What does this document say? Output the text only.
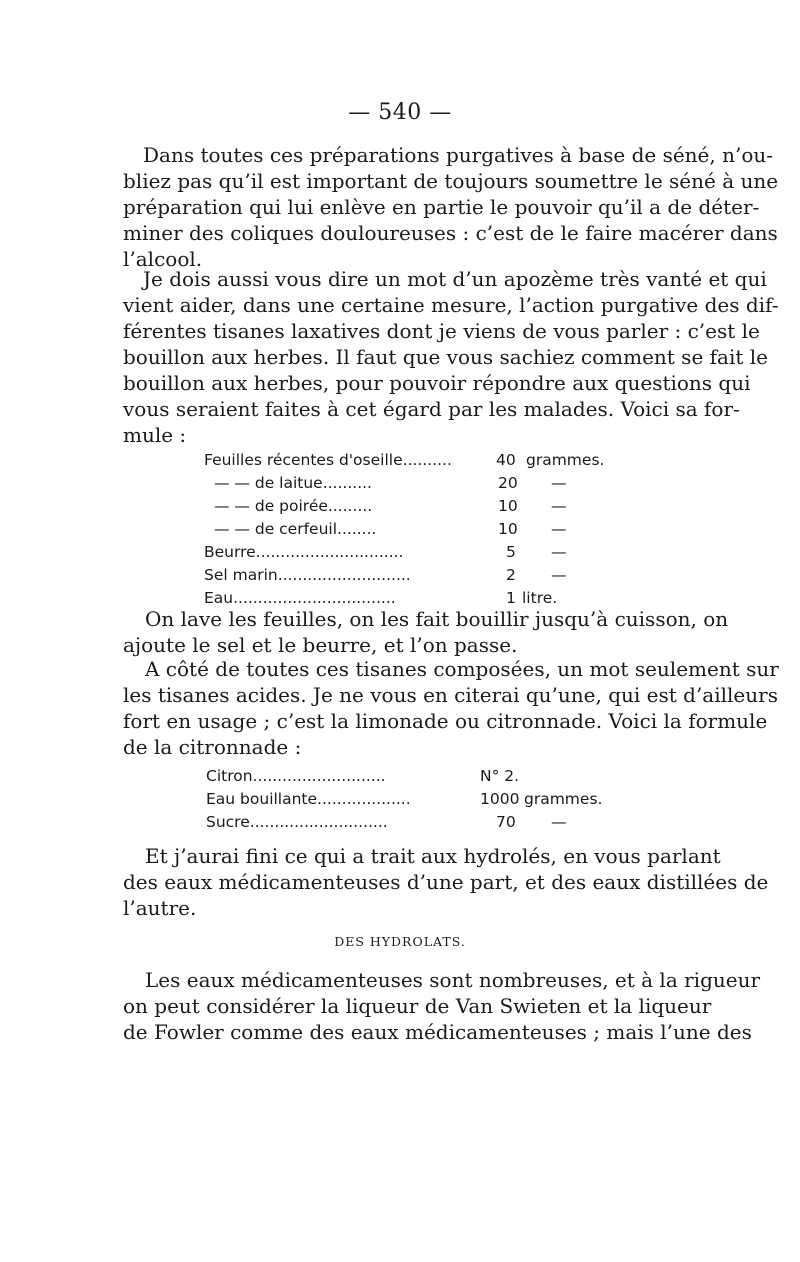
— 540 —
Dans toutes ces préparations purgatives à base de séné, n’ou-
bliez pas qu’il est important de toujours soumettre le séné à une
préparation qui lui enlève en partie le pouvoir qu’il a de déter-
miner des coliques douloureuses : c’est de le faire macérer dans
l’alcool.
Je dois aussi vous dire un mot d’un apozème très vanté et qui
vient aider, dans une certaine mesure, l’action purgative des dif-
férentes tisanes laxatives dont je viens de vous parler : c’est le
bouillon aux herbes. Il faut que vous sachiez comment se fait le
bouillon aux herbes, pour pouvoir répondre aux questions qui
vous seraient faites à cet égard par les malades. Voici sa for-
mule :
Feuilles récentes d'oseille..........	40 grammes.
— — de laitue..........	20 —
— — de poirée.........	10 —
— — de cerfeuil........	10 —
Beurre..............................	5 —
Sel marin...........................	2 —
Eau.................................	1 litre.
On lave les feuilles, on les fait bouillir jusqu’à cuisson, on
ajoute le sel et le beurre, et l’on passe.
A côté de toutes ces tisanes composées, un mot seulement sur
les tisanes acides. Je ne vous en citerai qu’une, qui est d’ailleurs
fort en usage ; c’est la limonade ou citronnade. Voici la formule
de la citronnade :
Citron...........................	N° 2.
Eau bouillante...................	1000 grammes.
Sucre............................	70 —
Et j’aurai fini ce qui a trait aux hydrolés, en vous parlant
des eaux médicamenteuses d’une part, et des eaux distillées de
l’autre.
DES HYDROLATS.
Les eaux médicamenteuses sont nombreuses, et à la rigueur
on peut considérer la liqueur de Van Swieten et la liqueur
de Fowler comme des eaux médicamenteuses ; mais l’une des
